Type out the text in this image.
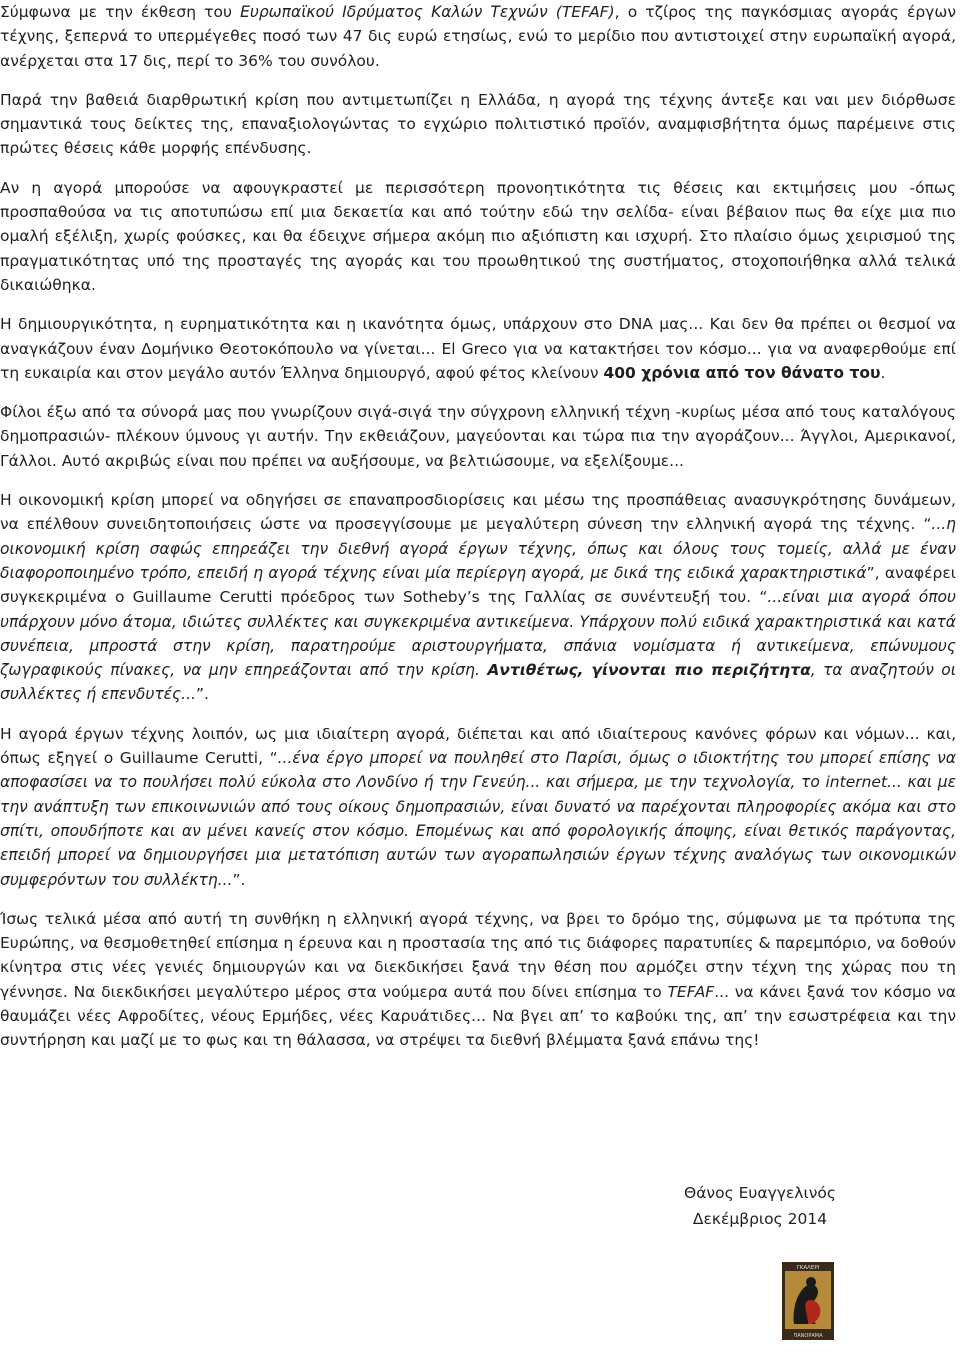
Σύμφωνα με την έκθεση του Ευρωπαϊκού Ιδρύματος Καλών Τεχνών (TEFAF), ο τζίρος της παγκόσμιας αγοράς έργων τέχνης, ξεπερνά το υπερμέγεθες ποσό των 47 δις ευρώ ετησίως, ενώ το μερίδιο που αντιστοιχεί στην ευρωπαϊκή αγορά, ανέρχεται στα 17 δις, περί το 36% του συνόλου.

Παρά την βαθειά διαρθρωτική κρίση που αντιμετωπίζει η Ελλάδα, η αγορά της τέχνης άντεξε και ναι μεν διόρθωσε σημαντικά τους δείκτες της, επαναξιολογώντας το εγχώριο πολιτιστικό προϊόν, αναμφισβήτητα όμως παρέμεινε στις πρώτες θέσεις κάθε μορφής επένδυσης.

Αν η αγορά μπορούσε να αφουγκραστεί με περισσότερη προνοητικότητα τις θέσεις και εκτιμήσεις μου -όπως προσπαθούσα να τις αποτυπώσω επί μια δεκαετία και από τούτην εδώ την σελίδα- είναι βέβαιον πως θα είχε μια πιο ομαλή εξέλιξη, χωρίς φούσκες, και θα έδειχνε σήμερα ακόμη πιο αξιόπιστη και ισχυρή. Στο πλαίσιο όμως χειρισμού της πραγματικότητας υπό της προσταγές της αγοράς και του προωθητικού της συστήματος, στοχοποιήθηκα αλλά τελικά δικαιώθηκα.

Η δημιουργικότητα, η ευρηματικότητα και η ικανότητα όμως, υπάρχουν στο DNA μας... Και δεν θα πρέπει οι θεσμοί να αναγκάζουν έναν Δομήνικο Θεοτοκόπουλο να γίνεται... El Greco για να κατακτήσει τον κόσμο... για να αναφερθούμε επί τη ευκαιρία και στον μεγάλο αυτόν Έλληνα δημιουργό, αφού φέτος κλείνουν 400 χρόνια από τον θάνατο του.

Φίλοι έξω από τα σύνορά μας που γνωρίζουν σιγά-σιγά την σύγχρονη ελληνική τέχνη -κυρίως μέσα από τους καταλόγους δημοπρασιών- πλέκουν ύμνους γι αυτήν. Την εκθειάζουν, μαγεύονται και τώρα πια την αγοράζουν... Άγγλοι, Αμερικανοί, Γάλλοι. Αυτό ακριβώς είναι που πρέπει να αυξήσουμε, να βελτιώσουμε, να εξελίξουμε...

Η οικονομική κρίση μπορεί να οδηγήσει σε επαναπροσδιορίσεις και μέσω της προσπάθειας ανασυγκρότησης δυνάμεων, να επέλθουν συνειδητοποιήσεις ώστε να προσεγγίσουμε με μεγαλύτερη σύνεση την ελληνική αγορά της τέχνης. “...η οικονομική κρίση σαφώς επηρεάζει την διεθνή αγορά έργων τέχνης, όπως και όλους τους τομείς, αλλά με έναν διαφοροποιημένο τρόπο, επειδή η αγορά τέχνης είναι μία περίεργη αγορά, με δικά της ειδικά χαρακτηριστικά”, αναφέρει συγκεκριμένα ο Guillaume Cerutti πρόεδρος των Sotheby’s της Γαλλίας σε συνέντευξή του. “...είναι μια αγορά όπου υπάρχουν μόνο άτομα, ιδιώτες συλλέκτες και συγκεκριμένα αντικείμενα. Υπάρχουν πολύ ειδικά χαρακτηριστικά και κατά συνέπεια, μπροστά στην κρίση, παρατηρούμε αριστουργήματα, σπάνια νομίσματα ή αντικείμενα, επώνυμους ζωγραφικούς πίνακες, να μην επηρεάζονται από την κρίση. Αντιθέτως, γίνονται πιο περιζήτητα, τα αναζητούν οι συλλέκτες ή επενδυτές...”.

Η αγορά έργων τέχνης λοιπόν, ως μια ιδιαίτερη αγορά, διέπεται και από ιδιαίτερους κανόνες φόρων και νόμων... και, όπως εξηγεί ο Guillaume Cerutti, “...ένα έργο μπορεί να πουληθεί στο Παρίσι, όμως ο ιδιοκτήτης του μπορεί επίσης να αποφασίσει να το πουλήσει πολύ εύκολα στο Λονδίνο ή την Γενεύη... και σήμερα, με την τεχνολογία, το internet... και με την ανάπτυξη των επικοινωνιών από τους οίκους δημοπρασιών, είναι δυνατό να παρέχονται πληροφορίες ακόμα και στο σπίτι, οπουδήποτε και αν μένει κανείς στον κόσμο. Επομένως και από φορολογικής άποψης, είναι θετικός παράγοντας, επειδή μπορεί να δημιουργήσει μια μετατόπιση αυτών των αγοραπωλησιών έργων τέχνης αναλόγως των οικονομικών συμφερόντων του συλλέκτη...”.

Ίσως τελικά μέσα από αυτή τη συνθήκη η ελληνική αγορά τέχνης, να βρει το δρόμο της, σύμφωνα με τα πρότυπα της Ευρώπης, να θεσμοθετηθεί επίσημα η έρευνα και η προστασία της από τις διάφορες παρατυπίες & παρεμπόριο, να δοθούν κίνητρα στις νέες γενιές δημιουργών και να διεκδικήσει ξανά την θέση που αρμόζει στην τέχνη της χώρας που τη γέννησε. Να διεκδικήσει μεγαλύτερο μέρος στα νούμερα αυτά που δίνει επίσημα το TEFAF... να κάνει ξανά τον κόσμο να θαυμάζει νέες Αφροδίτες, νέους Ερμήδες, νέες Καρυάτιδες... Να βγει απ’ το καβούκι της, απ’ την εσωστρέφεια και την συντήρηση και μαζί με το φως και τη θάλασσα, να στρέψει τα διεθνή βλέμματα ξανά επάνω της!

Θάνος Ευαγγελινός
Δεκέμβριος 2014
ΓΚΑΛΕΡΙ
ΠΑΝΟΡΑΜΑ
